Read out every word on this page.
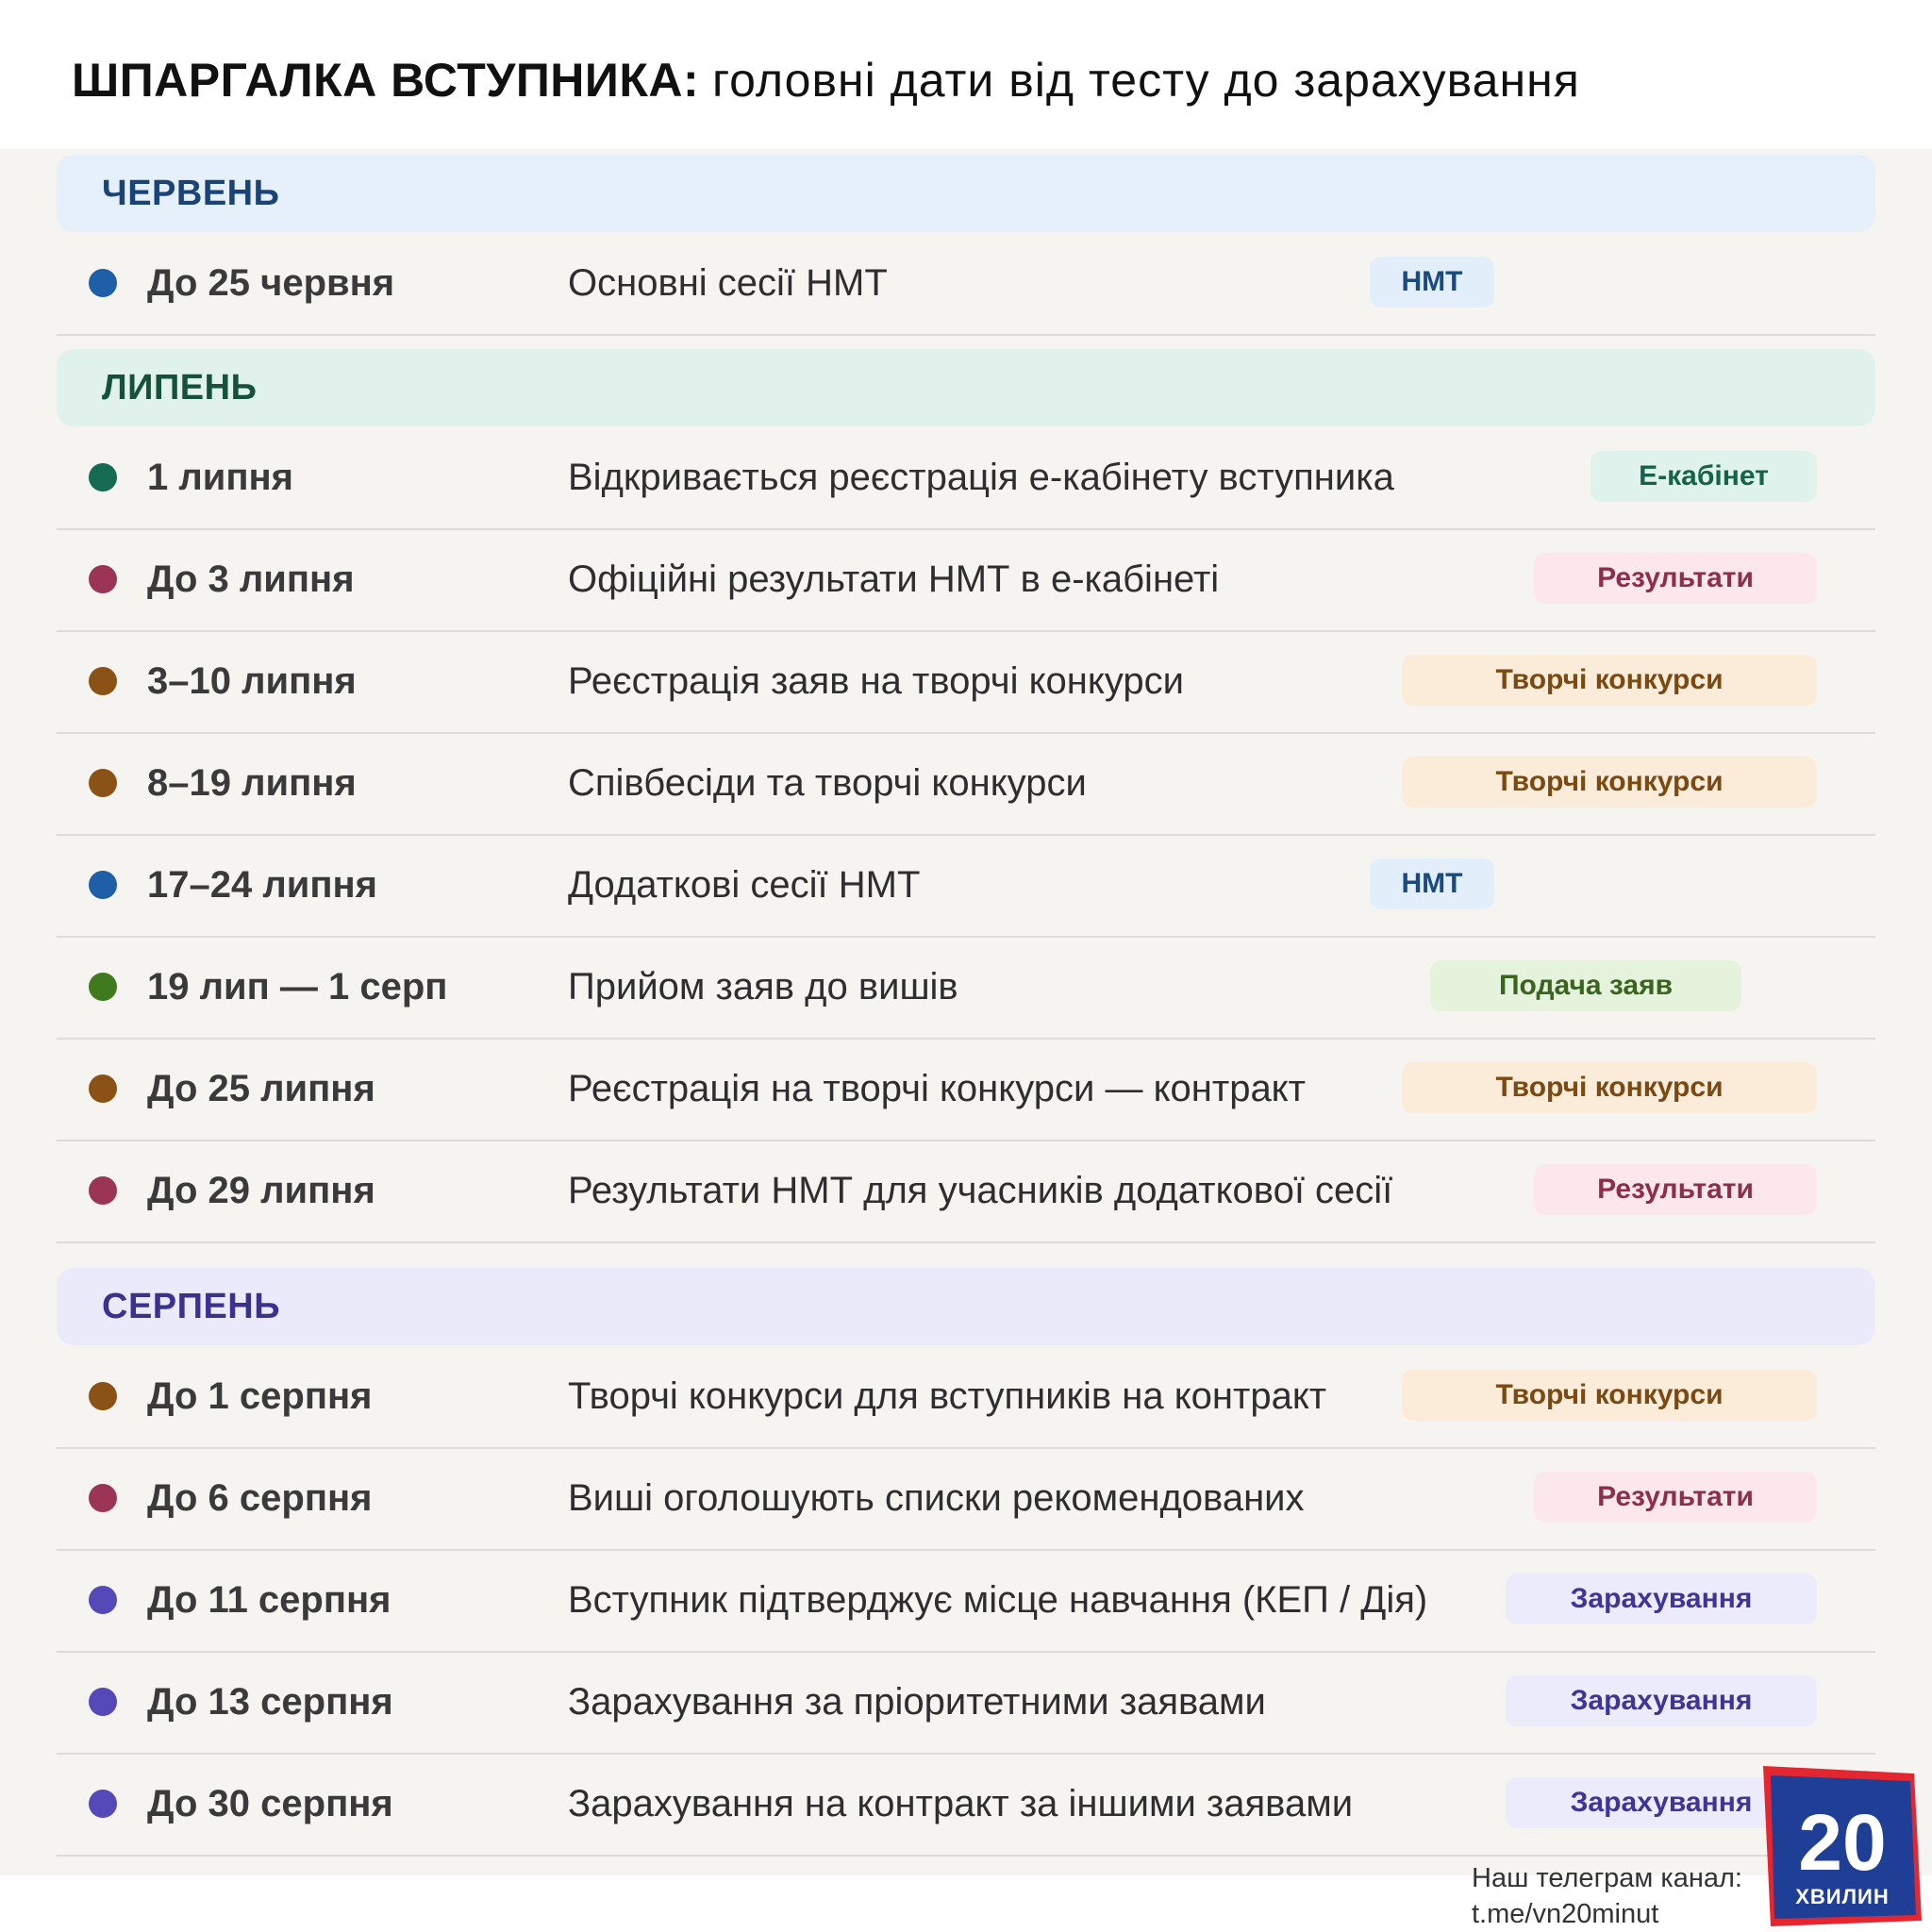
ШПАРГАЛКА ВСТУПНИКА: головні дати від тесту до зарахування
ЧЕРВЕНЬ
До 25 червня	Основні сесії НМТ	НМТ
ЛИПЕНЬ
1 липня	Відкривається реєстрація е-кабінету вступника	Е-кабінет
До 3 липня	Офіційні результати НМТ в е-кабінеті	Результати
3–10 липня	Реєстрація заяв на творчі конкурси	Творчі конкурси
8–19 липня	Співбесіди та творчі конкурси	Творчі конкурси
17–24 липня	Додаткові сесії НМТ	НМТ
19 лип — 1 серп	Прийом заяв до вишів	Подача заяв
До 25 липня	Реєстрація на творчі конкурси — контракт	Творчі конкурси
До 29 липня	Результати НМТ для учасників додаткової сесії	Результати
СЕРПЕНЬ
До 1 серпня	Творчі конкурси для вступників на контракт	Творчі конкурси
До 6 серпня	Виші оголошують списки рекомендованих	Результати
До 11 серпня	Вступник підтверджує місце навчання (КЕП / Дія)	Зарахування
До 13 серпня	Зарахування за пріоритетними заявами	Зарахування
До 30 серпня	Зарахування на контракт за іншими заявами	Зарахування
Наш телеграм канал:
t.me/vn20minut
20
ХВИЛИН
